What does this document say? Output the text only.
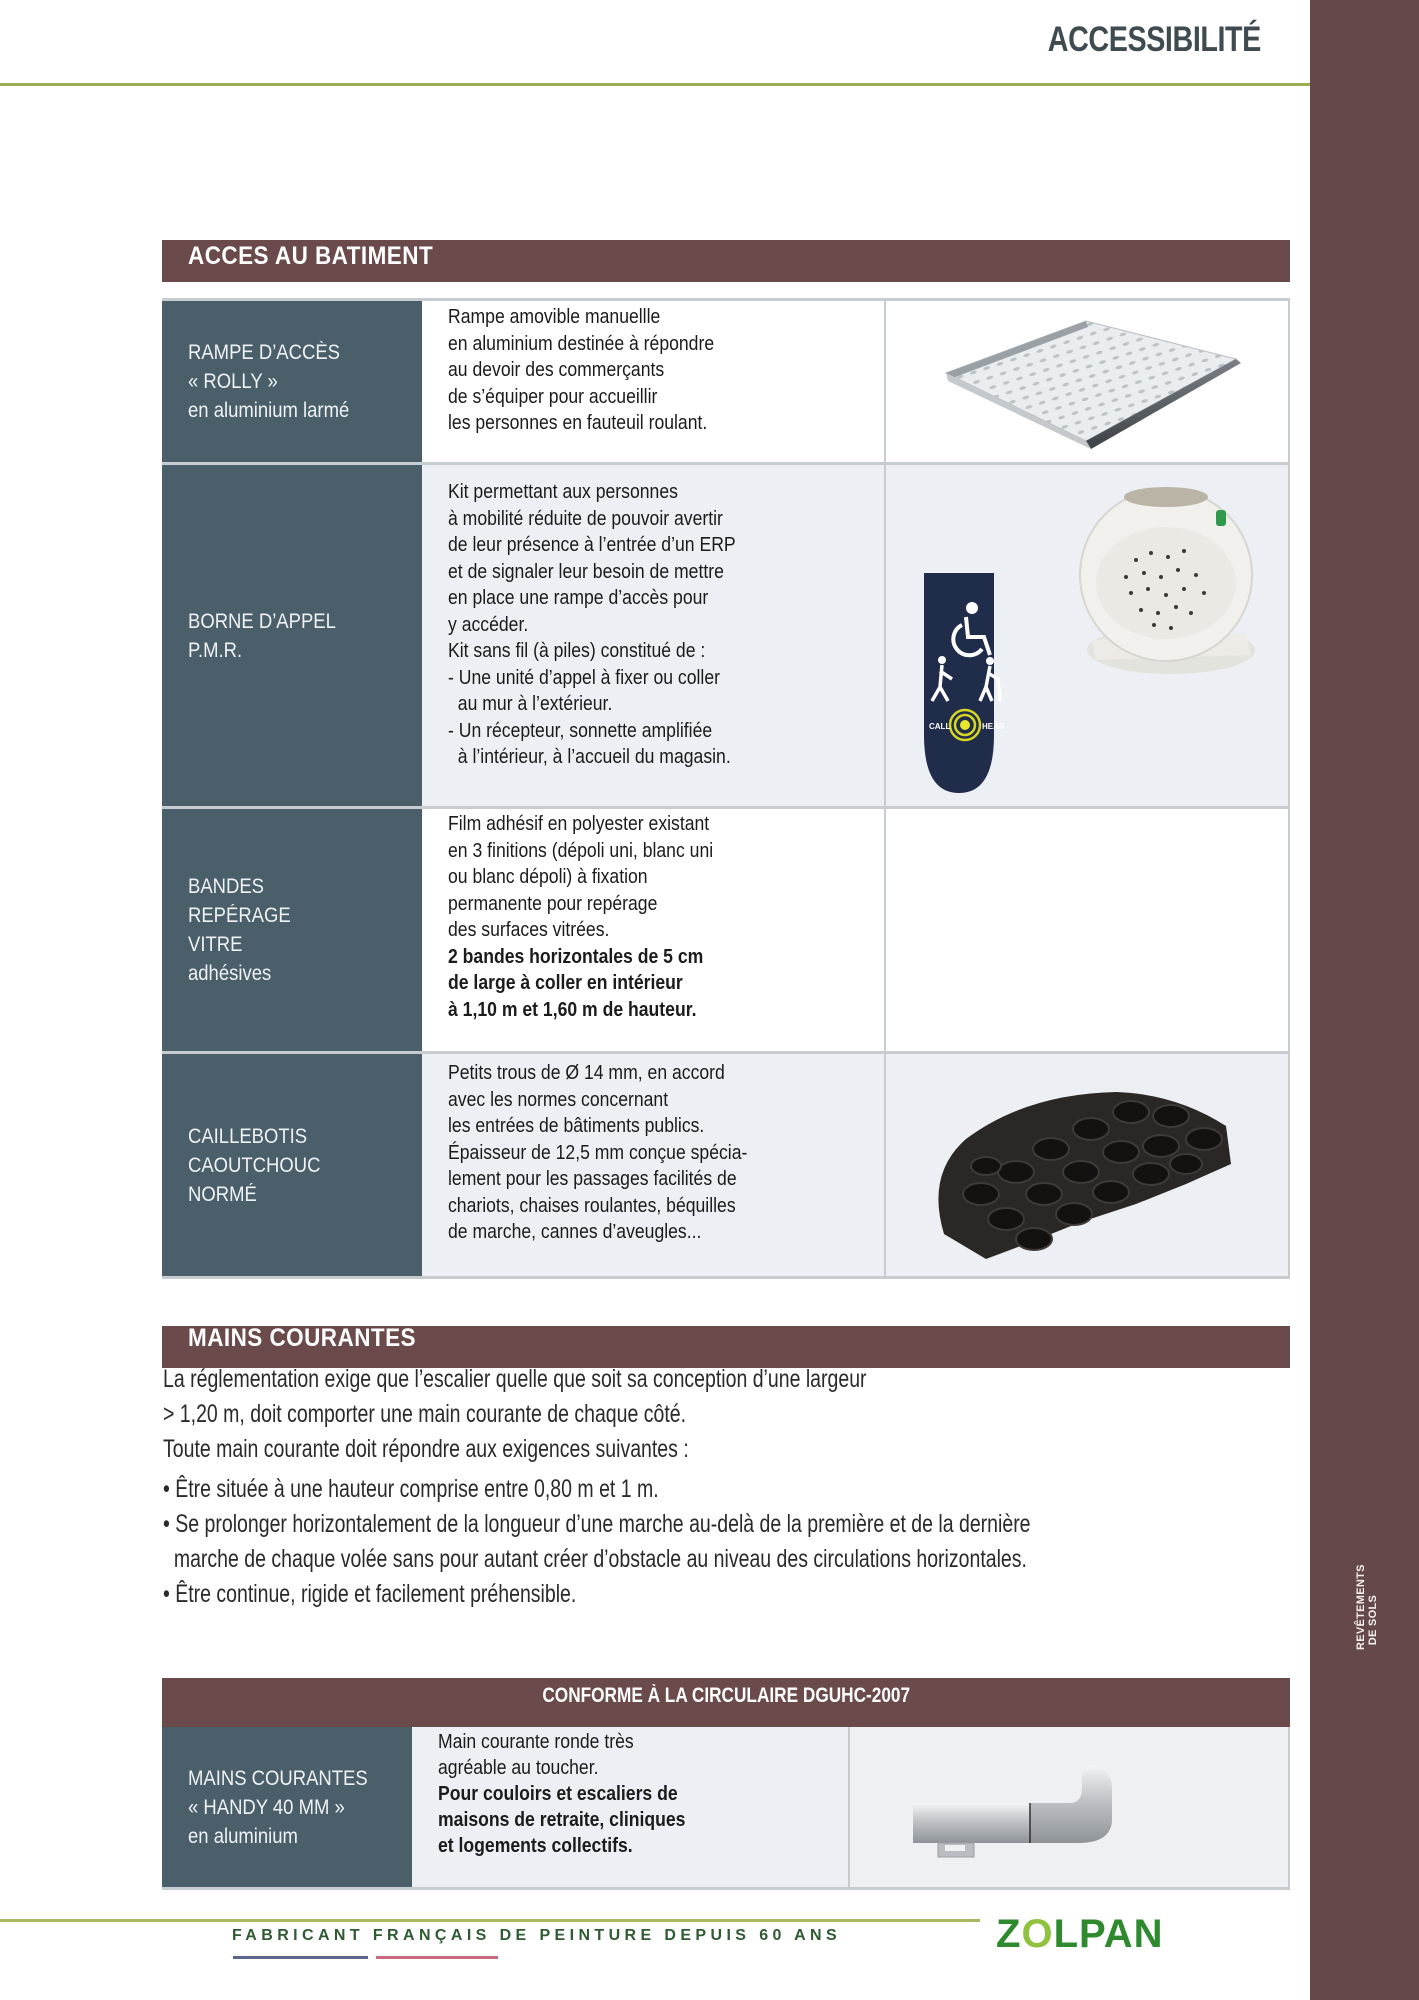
REVÊTEMENTS DE SOLS
ACCESSIBILITÉ
ACCES AU BATIMENT
RAMPE D’ACCÈS
« ROLLY »
en aluminium larmé
Rampe amovible manuellle
en aluminium destinée à répondre
au devoir des commerçants
de s’équiper pour accueillir
les personnes en fauteuil roulant.
BORNE D’APPEL
P.M.R.
Kit permettant aux personnes
à mobilité réduite de pouvoir avertir
de leur présence à l’entrée d’un ERP
et de signaler leur besoin de mettre
en place une rampe d’accès pour
y accéder.
Kit sans fil (à piles) constitué de :
- Une unité d’appel à fixer ou coller
au mur à l’extérieur.
- Un récepteur, sonnette amplifiée
à l’intérieur, à l’accueil du magasin.
CALL	HEAR
BANDES
REPÉRAGE
VITRE
adhésives
Film adhésif en polyester existant
en 3 finitions (dépoli uni, blanc uni
ou blanc dépoli) à fixation
permanente pour repérage
des surfaces vitrées.
2 bandes horizontales de 5 cm
de large à coller en intérieur
à 1,10 m et 1,60 m de hauteur.
CAILLEBOTIS
CAOUTCHOUC
NORMÉ
Petits trous de Ø 14 mm, en accord
avec les normes concernant
les entrées de bâtiments publics.
Épaisseur de 12,5 mm conçue spécia-
lement pour les passages facilités de
chariots, chaises roulantes, béquilles
de marche, cannes d’aveugles...
MAINS COURANTES
La réglementation exige que l’escalier quelle que soit sa conception d’une largeur
> 1,20 m, doit comporter une main courante de chaque côté.
Toute main courante doit répondre aux exigences suivantes :
• Être située à une hauteur comprise entre 0,80 m et 1 m.
• Se prolonger horizontalement de la longueur d’une marche au-delà de la première et de la dernière
marche de chaque volée sans pour autant créer d’obstacle au niveau des circulations horizontales.
• Être continue, rigide et facilement préhensible.
CONFORME À LA CIRCULAIRE DGUHC-2007
MAINS COURANTES
« HANDY 40 MM »
en aluminium
Main courante ronde très
agréable au toucher.
Pour couloirs et escaliers de
maisons de retraite, cliniques
et logements collectifs.
FABRICANT FRANÇAIS DE PEINTURE DEPUIS 60 ANS	ZOLPAN
